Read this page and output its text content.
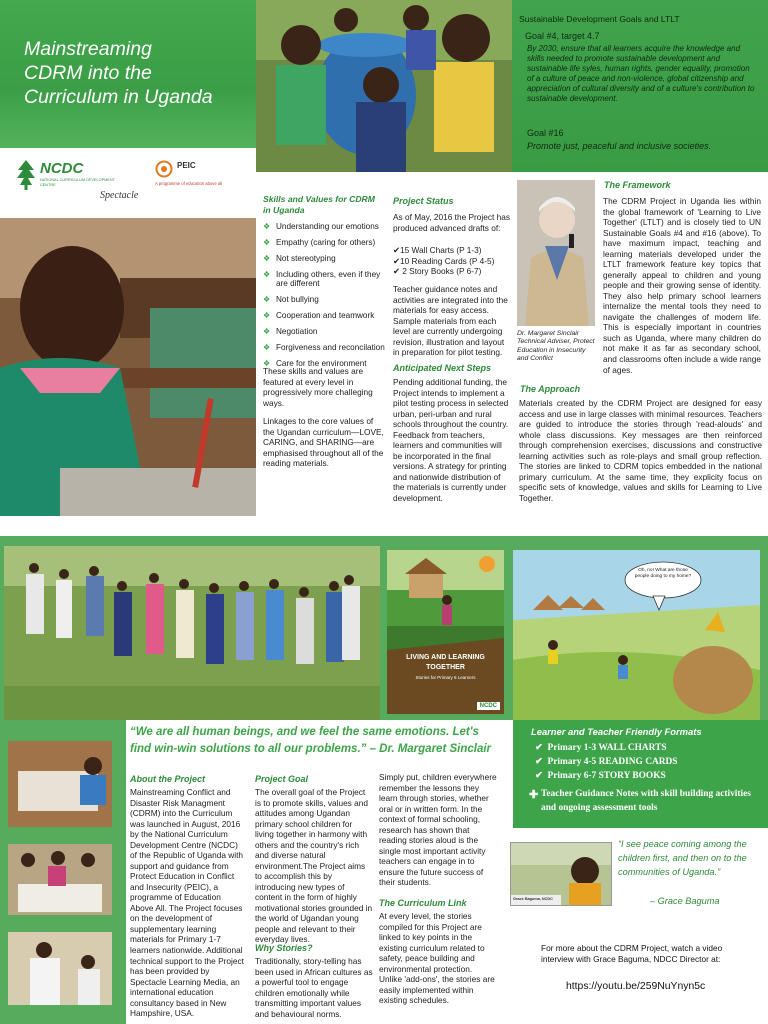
Mainstreaming
CDRM into the
Curriculum in Uganda
NCDC
NATIONAL CURRICULUM DEVELOPMENT CENTRE
PEIC
A programme of education above all
Spectacle
Sustainable Development Goals and LTLT
Goal #4, target 4.7
By 2030, ensure that all learners acquire the knowledge and skills needed to promote sustainable development and sustainable life syles, human rights, gender equality, promotion of a culture of peace and non-violence, global citizenship and appreciation of cultural diversity and of a culture's contribution to sustainable development.
Goal #16
Promote just, peaceful and inclusive societies.
Skills and Values for CDRM in Uganda
❖ Understanding our emotions
❖ Empathy (caring for others)
❖ Not stereotyping
❖ Including others, even if they are different
❖ Not bullying
❖ Cooperation and teamwork
❖ Negotiation
❖ Forgiveness and reconcilation
❖ Care for the environment
These skills and values are featured at every level in progressively more challeging ways.
Linkages to the core values of the Ugandan curriculum—LOVE, CARING, and SHARING—are emphasised throughout all of the reading materials.
Project Status
As of May, 2016 the Project has produced advanced drafts of:
✔15 Wall Charts (P 1-3)
✔10 Reading Cards (P 4-5)
✔ 2 Story Books (P 6-7)
Teacher guidance notes and activities are integrated into the materials for easy access. Sample materials from each level are currently undergoing revision, illustration and layout in preparation for pilot testing.
Anticipated Next Steps
Pending additional funding, the Project intends to implement a pilot testing process in selected urban, peri-urban and rural schools throughout the country. Feedback from teachers, learners and communities will be incorporated in the final versions. A strategy for printing and nationwide distribution of the materials is currently under development.
Dr. Margaret Sinclair Technical Adviser, Protect Education in Insecurity and Conflict
The Framework
The CDRM Project in Uganda lies within the global framework of 'Learning to Live Together' (LTLT) and is closely tied to UN Sustainable Goals #4 and #16 (above). To have maximum impact, teaching and learning materials developed under the LTLT framework feature key topics that generally appeal to children and young people and their growing sense of identity. They also help primary school learners internalize the mental tools they need to navigate the challenges of modern life. This is especially important in countries such as Uganda, where many children do not make it as far as secondary school, and classrooms often include a wide range of ages.
The Approach
Materials created by the CDRM Project are designed for easy access and use in large classes with minimal resources. Teachers are guided to introduce the stories through 'read-alouds' and whole class discussions. Key messages are then reinforced through comprehension exercises, discussions and constructive learning activities such as role-plays and small group reflection. The stories are linked to CDRM topics embedded in the national primary curriculum. At the same time, they explicity focus on specific sets of knowledge, values and skills for Learning to Live Together.
LIVING AND LEARNING
TOGETHER
Stories for Primary 6 Learners
NCDC
Oh, no! What are those people doing to my home?
“We are all human beings, and we feel the same emotions. Let's find win-win solutions to all our problems.” – Dr. Margaret Sinclair
About the Project
Mainstreaming Conflict and Disaster Risk Managment (CDRM) into the Curriculum was launched in August, 2016 by the National Curriculum Development Centre (NCDC) of the Republic of Uganda with support and guidance from Protect Education in Conflict and Insecurity (PEIC), a programme of Education Above All. The Project focuses on the development of supplementary learning materials for Primary 1-7 learners nationwide. Additional technical support to the Project has been provided by Spectacle Learning Media, an international education consultancy based in New Hampshire, USA.
Project Goal
The overall goal of the Project is to promote skills, values and attitudes among Ugandan primary school children for living together in harmony with others and the country's rich and diverse natural environment.The Project aims to accomplish this by introducing new types of content in the form of highly motivational stories grounded in the world of Ugandan young people and relevant to their everyday lives.
Why Stories?
Traditionally, story-telling has been used in African cultures as a powerful tool to engage children emotionally while transmitting important values and behavioural norms.
Simply put, children everywhere remember the lessons they learn through stories, whether oral or in written form. In the context of formal schooling, research has shown that reading stories aloud is the single most important activity teachers can engage in to ensure the future success of their students.
The Curriculum Link
At every level, the stories compiled for this Project are linked to key points in the existing curriculum related to safety, peace building and environmental protection. Unlike 'add-ons', the stories are easily implemented within existing schedules.
Learner and Teacher Friendly Formats
✔  Primary 1-3 WALL CHARTS
✔  Primary 4-5 READING CARDS
✔  Primary 6-7 STORY BOOKS
✚ Teacher Guidance Notes with skill building activities and ongoing assessment tools
Grace Baguma, NCDC
“I see peace coming among the children first, and then on to the communities of Uganda.”
– Grace Baguma
For more about the CDRM Project, watch a video interview with Grace Baguma, NDCC Director at:
https://youtu.be/259NuYnyn5c
